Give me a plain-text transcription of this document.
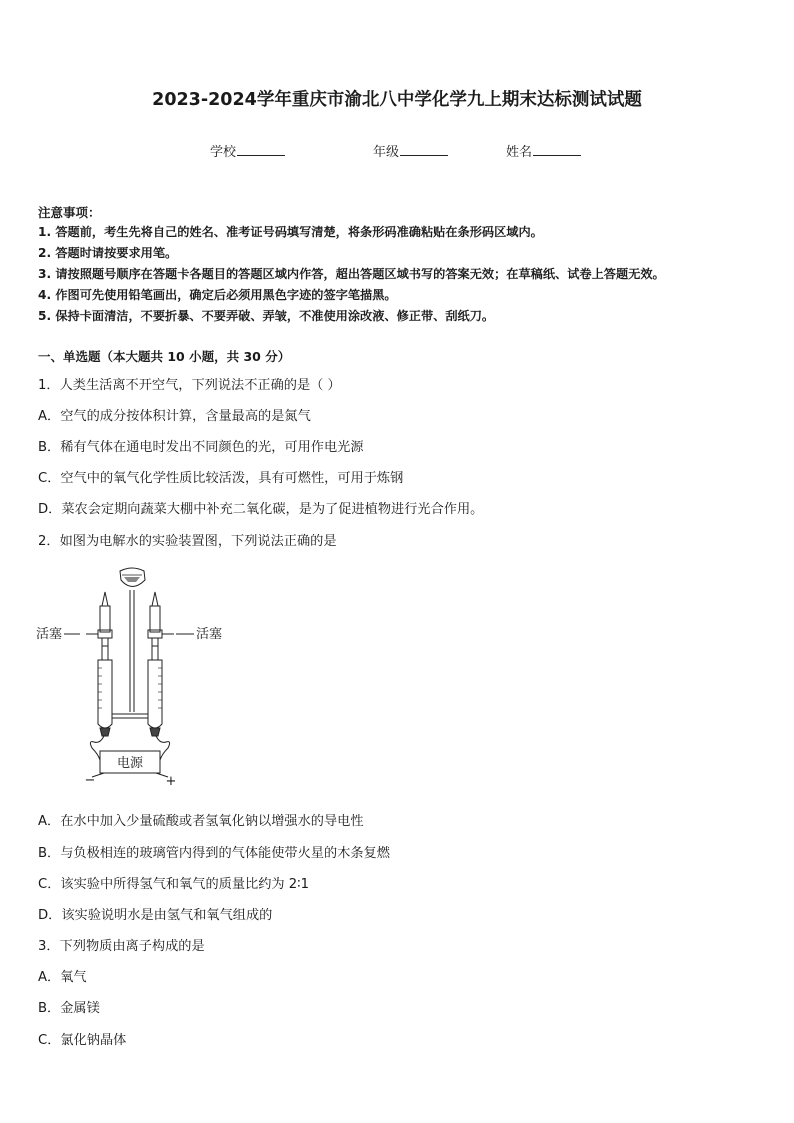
2023-2024学年重庆市渝北八中学化学九上期末达标测试试题
学校	年级	姓名
注意事项：
1. 答题前，考生先将自己的姓名、准考证号码填写清楚，将条形码准确粘贴在条形码区域内。
2. 答题时请按要求用笔。
3. 请按照题号顺序在答题卡各题目的答题区域内作答，超出答题区域书写的答案无效；在草稿纸、试卷上答题无效。
4. 作图可先使用铅笔画出，确定后必须用黑色字迹的签字笔描黑。
5. 保持卡面清洁，不要折暴、不要弄破、弄皱，不准使用涂改液、修正带、刮纸刀。
一、单选题（本大题共 10 小题，共 30 分）
1．人类生活离不开空气，下列说法不正确的是（ ）
A．空气的成分按体积计算，含量最高的是氮气
B．稀有气体在通电时发出不同颜色的光，可用作电光源
C．空气中的氧气化学性质比较活泼，具有可燃性，可用于炼钢
D．菜农会定期向蔬菜大棚中补充二氧化碳，是为了促进植物进行光合作用。
2．如图为电解水的实验装置图，下列说法正确的是
活塞	活塞
电源
−	+
A．在水中加入少量硫酸或者氢氧化钠以增强水的导电性
B．与负极相连的玻璃管内得到的气体能使带火星的木条复燃
C．该实验中所得氢气和氧气的质量比约为 2∶1
D．该实验说明水是由氢气和氧气组成的
3．下列物质由离子构成的是
A．氧气
B．金属镁
C．氯化钠晶体
